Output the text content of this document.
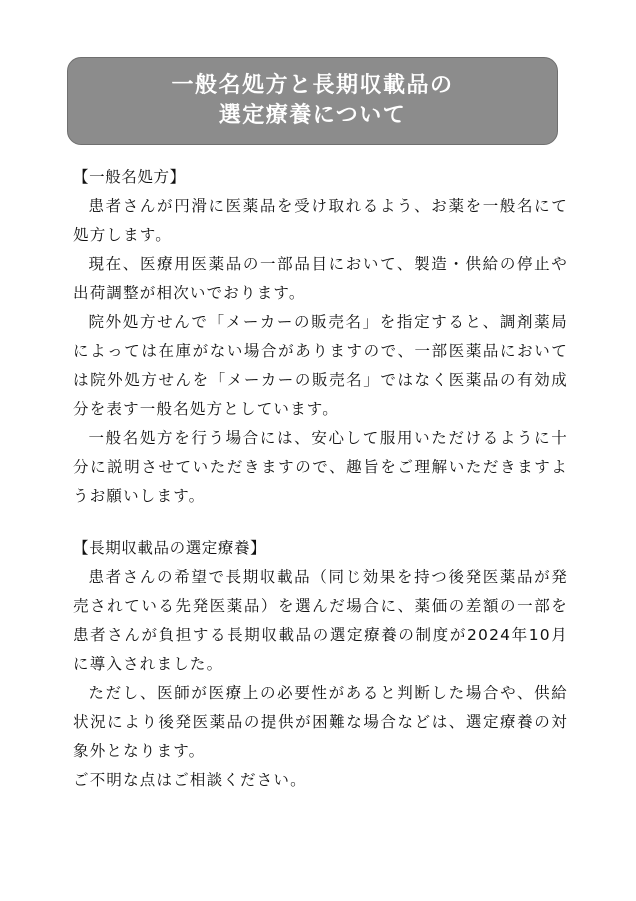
一般名処方と長期収載品の
選定療養について

【一般名処方】

患者さんが円滑に医薬品を受け取れるよう、お薬を一般名にて処方します。

現在、医療用医薬品の一部品目において、製造・供給の停止や出荷調整が相次いでおります。

院外処方せんで「メーカーの販売名」を指定すると、調剤薬局によっては在庫がない場合がありますので、一部医薬品においては院外処方せんを「メーカーの販売名」ではなく医薬品の有効成分を表す一般名処方としています。

一般名処方を行う場合には、安心して服用いただけるように十分に説明させていただきますので、趣旨をご理解いただきますようお願いします。

【長期収載品の選定療養】

患者さんの希望で長期収載品（同じ効果を持つ後発医薬品が発売されている先発医薬品）を選んだ場合に、薬価の差額の一部を患者さんが負担する長期収載品の選定療養の制度が2024年10月に導入されました。

ただし、医師が医療上の必要性があると判断した場合や、供給状況により後発医薬品の提供が困難な場合などは、選定療養の対象外となります。

ご不明な点はご相談ください。
